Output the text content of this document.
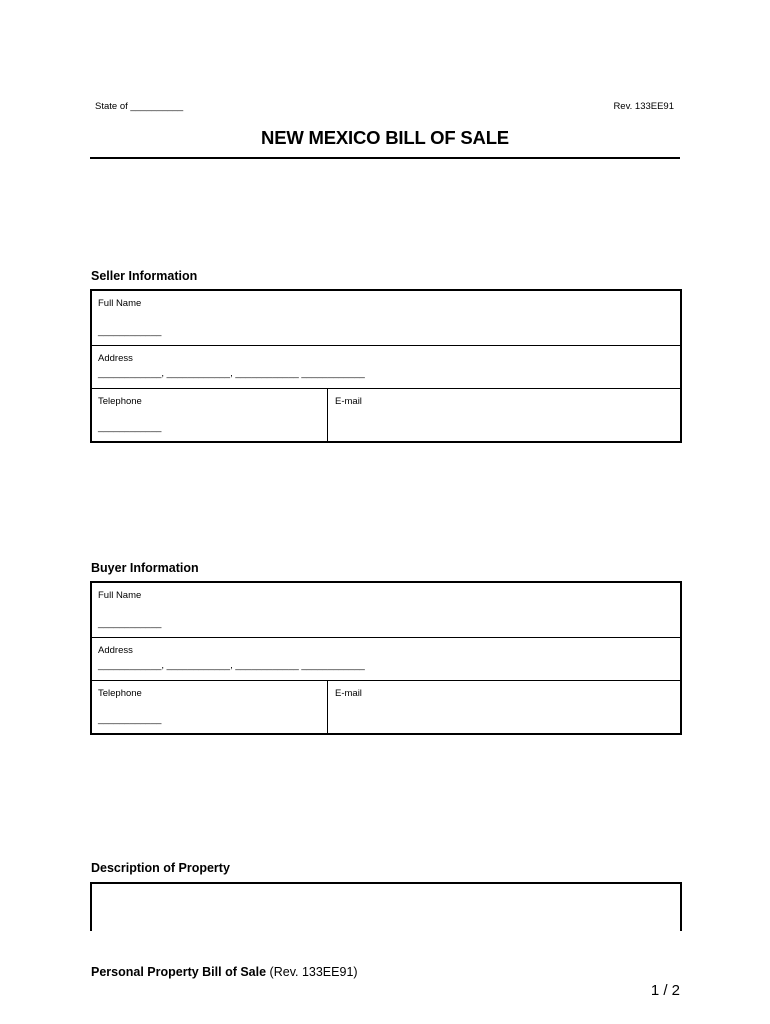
State of __________	Rev. 133EE91
NEW MEXICO BILL OF SALE
Seller Information
Full Name
____________
Address
____________, ____________, ____________ ____________
Telephone
____________
E-mail
Buyer Information
Full Name
____________
Address
____________, ____________, ____________ ____________
Telephone
____________
E-mail
Description of Property
Personal Property Bill of Sale (Rev. 133EE91)
1 / 2
